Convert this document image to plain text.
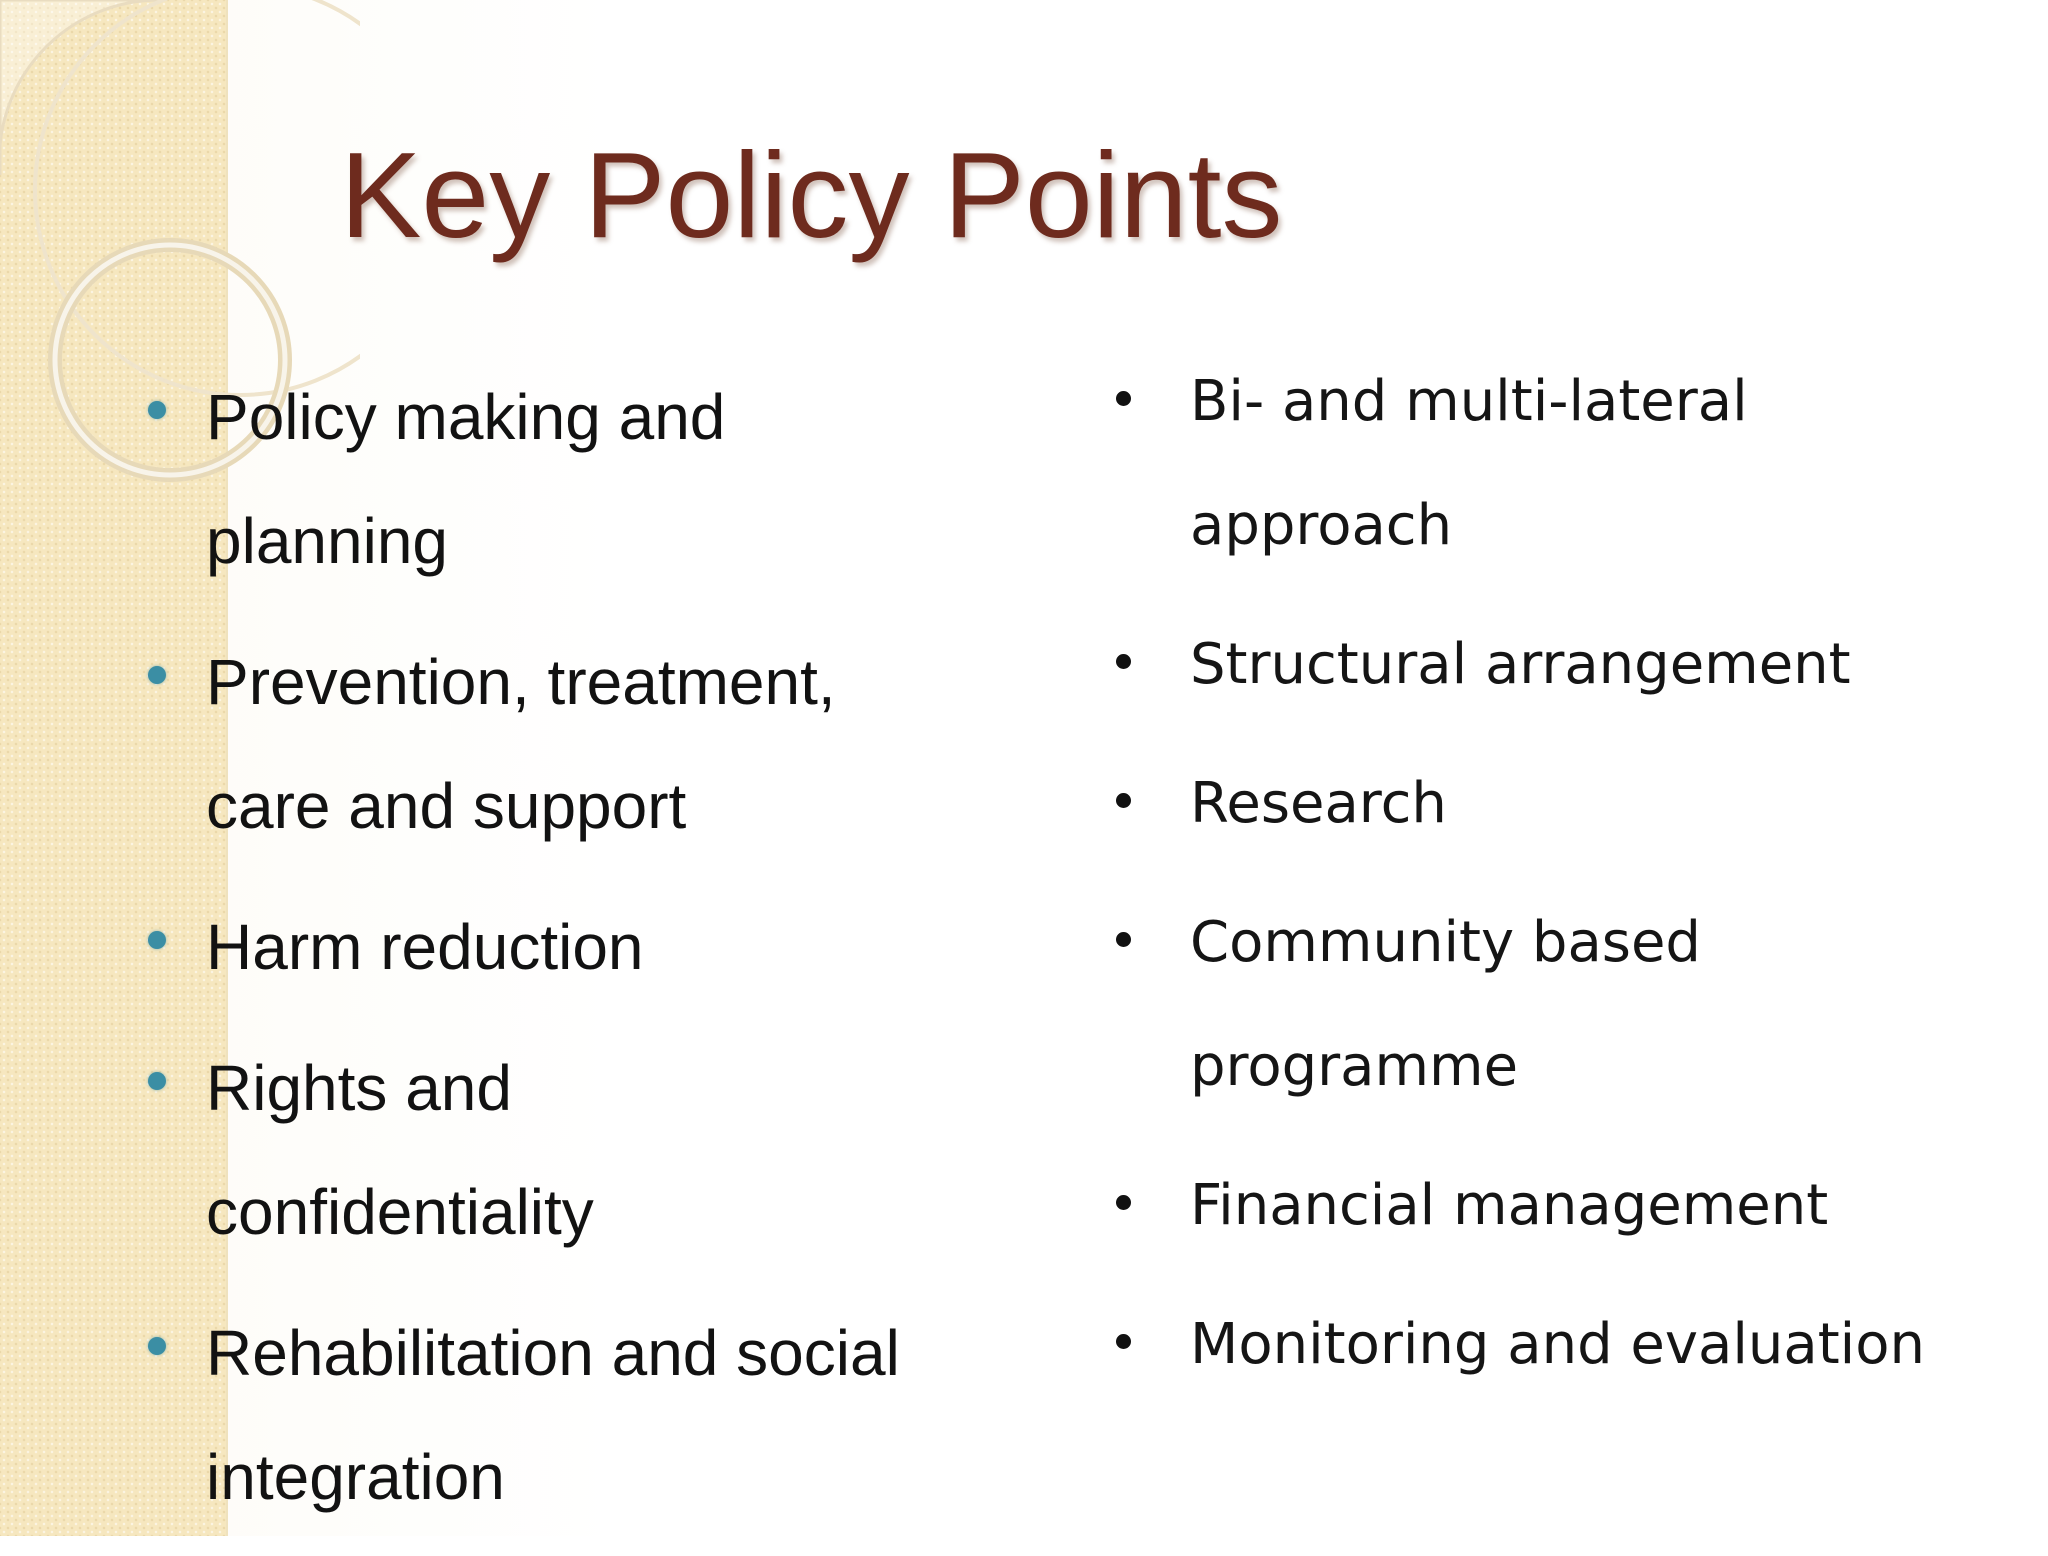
Key Policy Points
Policy making and planning
Prevention, treatment, care and support
Harm reduction
Rights and confidentiality
Rehabilitation and social integration
Bi- and multi-lateral approach
Structural arrangement
Research
Community based programme
Financial management
Monitoring and evaluation
